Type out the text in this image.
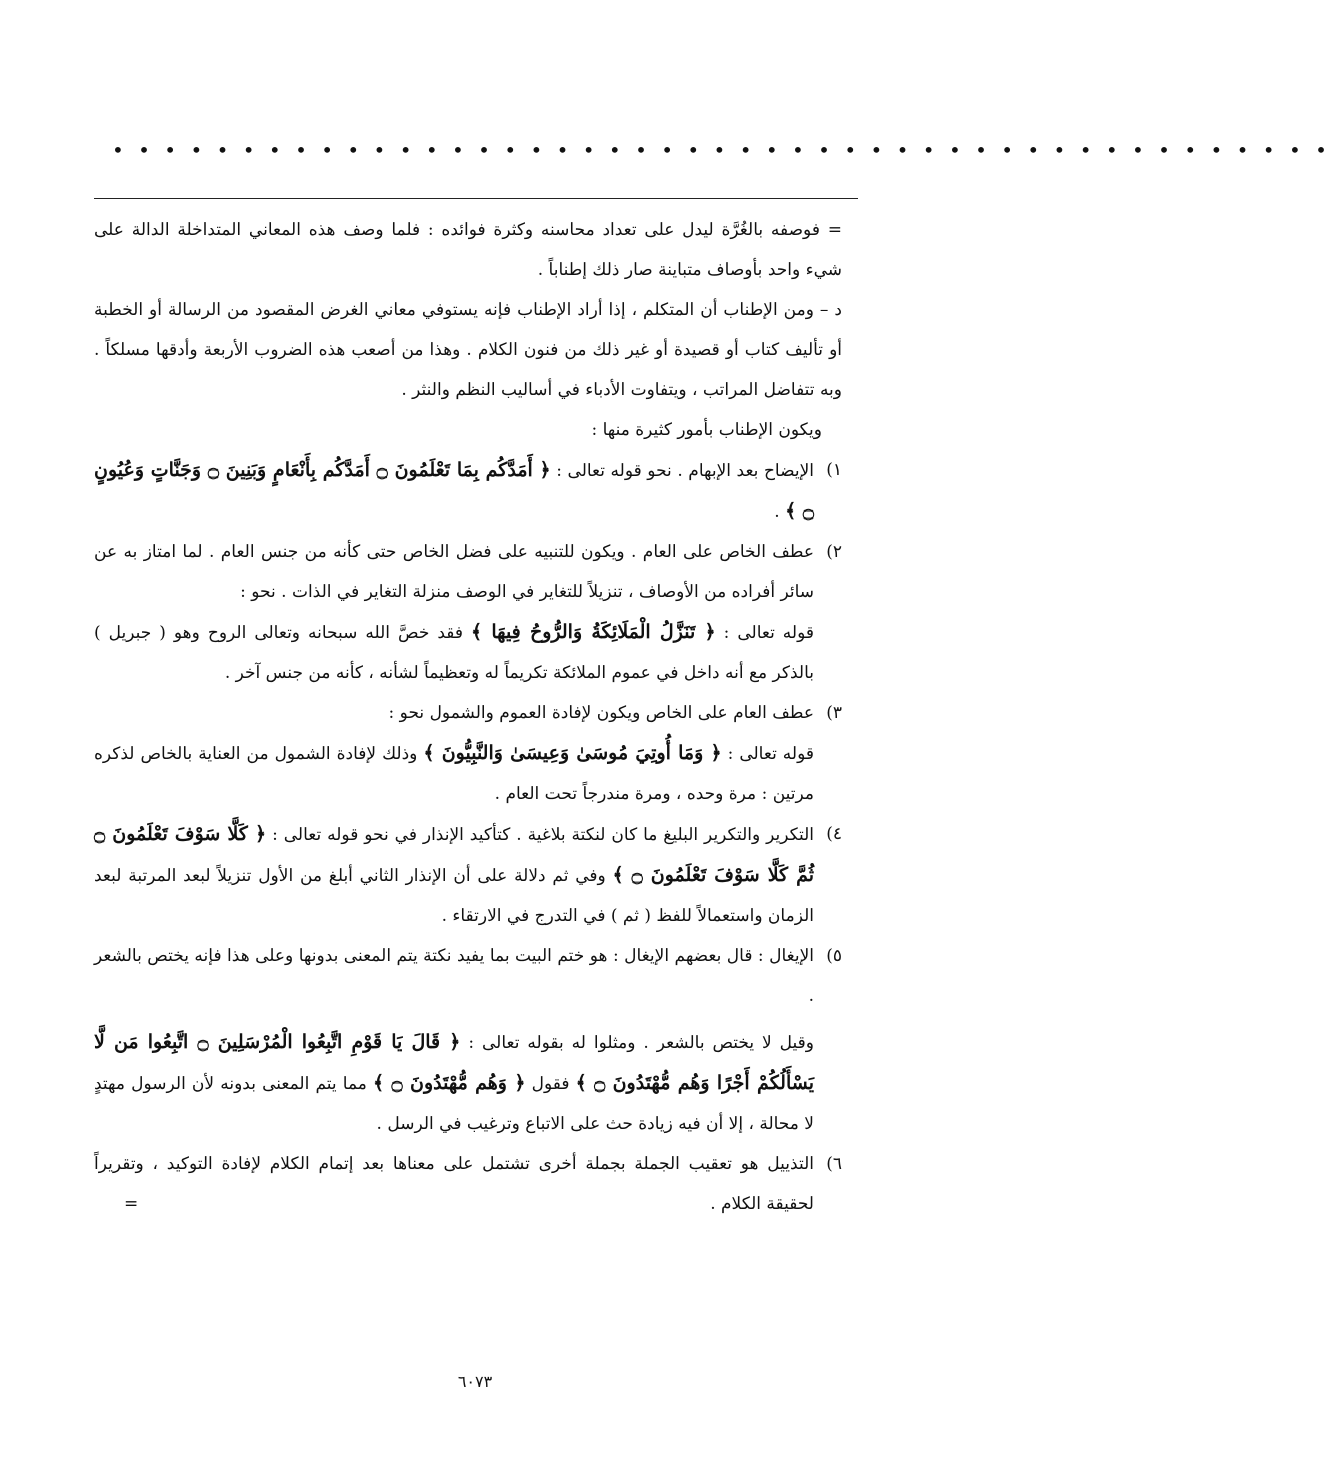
• • • • • • • • • • • • • • • • • • • • • • • • • • • • • • • • • • • • • • • • • • • • • • •

= فوصفه بالغُرَّة ليدل على تعداد محاسنه وكثرة فوائده : فلما وصف هذه المعاني المتداخلة الدالة على شيء واحد بأوصاف متباينة صار ذلك إطناباً .

د – ومن الإطناب أن المتكلم ، إذا أراد الإطناب فإنه يستوفي معاني الغرض المقصود من الرسالة أو الخطبة أو تأليف كتاب أو قصيدة أو غير ذلك من فنون الكلام . وهذا من أصعب هذه الضروب الأربعة وأدقها مسلكاً . وبه تتفاضل المراتب ، ويتفاوت الأدباء في أساليب النظم والنثر .

ويكون الإطناب بأمور كثيرة منها :

١)
الإيضاح بعد الإبهام . نحو قوله تعالى : ﴿ أَمَدَّكُم بِمَا تَعْلَمُونَ ۝ أَمَدَّكُم بِأَنْعَامٍ وَبَنِينَ ۝ وَجَنَّاتٍ وَعُيُونٍ ۝ ﴾ .

٢)
عطف الخاص على العام . ويكون للتنبيه على فضل الخاص حتى كأنه من جنس العام . لما امتاز به عن سائر أفراده من الأوصاف ، تنزيلاً للتغاير في الوصف منزلة التغاير في الذات . نحو :

قوله تعالى : ﴿ تَنَزَّلُ الْمَلَائِكَةُ وَالرُّوحُ فِيهَا ﴾ فقد خصَّ الله سبحانه وتعالى الروح وهو ( جبريل ) بالذكر مع أنه داخل في عموم الملائكة تكريماً له وتعظيماً لشأنه ، كأنه من جنس آخر .

٣)
عطف العام على الخاص ويكون لإفادة العموم والشمول نحو :

قوله تعالى : ﴿ وَمَا أُوتِيَ مُوسَىٰ وَعِيسَىٰ وَالنَّبِيُّونَ ﴾ وذلك لإفادة الشمول من العناية بالخاص لذكره مرتين : مرة وحده ، ومرة مندرجاً تحت العام .

٤)
التكرير والتكرير البليغ ما كان لنكتة بلاغية . كتأكيد الإنذار في نحو قوله تعالى : ﴿ كَلَّا سَوْفَ تَعْلَمُونَ ۝ ثُمَّ كَلَّا سَوْفَ تَعْلَمُونَ ۝ ﴾ وفي ثم دلالة على أن الإنذار الثاني أبلغ من الأول تنزيلاً لبعد المرتبة لبعد الزمان واستعمالاً للفظ ( ثم ) في التدرج في الارتقاء .

٥)
الإيغال : قال بعضهم الإيغال : هو ختم البيت بما يفيد نكتة يتم المعنى بدونها وعلى هذا فإنه يختص بالشعر .

وقيل لا يختص بالشعر . ومثلوا له بقوله تعالى : ﴿ قَالَ يَا قَوْمِ اتَّبِعُوا الْمُرْسَلِينَ ۝ اتَّبِعُوا مَن لَّا يَسْأَلُكُمْ أَجْرًا وَهُم مُّهْتَدُونَ ۝ ﴾ فقول ﴿ وَهُم مُّهْتَدُونَ ۝ ﴾ مما يتم المعنى بدونه لأن الرسول مهتدٍ لا محالة ، إلا أن فيه زيادة حث على الاتباع وترغيب في الرسل .

٦)
التذييل هو تعقيب الجملة بجملة أخرى تشتمل على معناها بعد إتمام الكلام لإفادة التوكيد ، وتقريراً لحقيقة الكلام .
=

٦٠٧٣
